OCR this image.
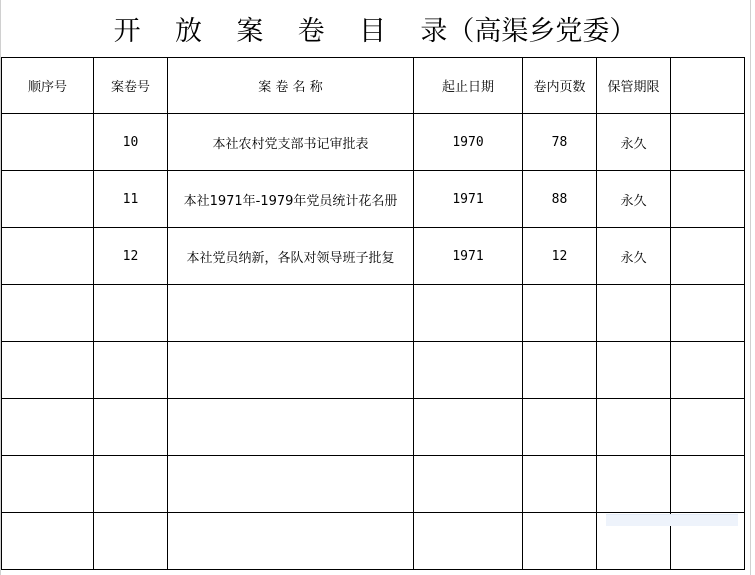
开    放    案    卷    目    录（高渠乡党委）
顺序号	案卷号	案 卷 名 称	起止日期	卷内页数	保管期限	
	10	本社农村党支部书记审批表	1970	78	永久	
	11	本社1971年-1979年党员统计花名册	1971	88	永久	
	12	本社党员纳新，各队对领导班子批复	1971	12	永久	
